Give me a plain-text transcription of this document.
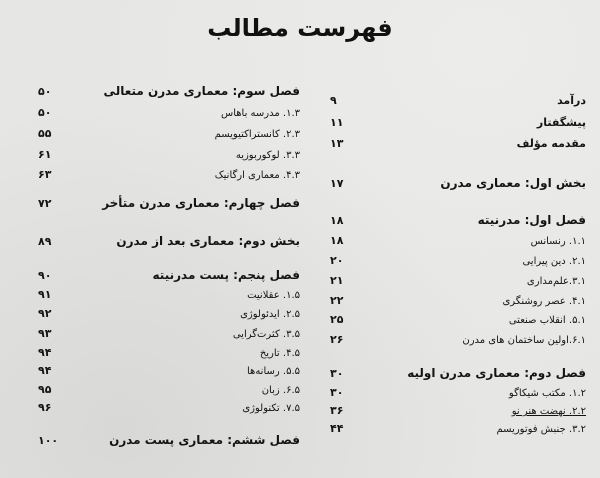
فهرست مطالب
درآمد
۹
پیشگفتار
۱۱
مقدمه مؤلف
۱۳
بخش اول: معماری مدرن
۱۷
فصل اول: مدرنیته
۱۸
۱.۱. رنسانس
۱۸
۲.۱. دین پیرایی
۲۰
۳.۱.علم‌مداری
۲۱
۴.۱. عصر روشنگری
۲۲
۵.۱. انقلاب صنعتی
۲۵
۶.۱.اولین ساختمان های مدرن
۲۶
فصل دوم: معماری مدرن اولیه
۳۰
۱.۲. مکتب شیکاگو
۳۰
۲.۲. نهضت هنر نو
۳۶
۳.۲. جنبش فوتوریسم
۴۴
فصل سوم: معماری مدرن متعالی
۵۰
۱.۳. مدرسه باهاس
۵۰
۲.۳. کانستراکتیویسم
۵۵
۳.۳. لوکوربوزیه
۶۱
۴.۳. معماری ارگانیک
۶۳
فصل چهارم: معماری مدرن متأخر
۷۲
بخش دوم: معماری بعد از مدرن
۸۹
فصل پنجم: پست مدرنیته
۹۰
۱.۵. عقلانیت
۹۱
۲.۵. ایدئولوژی
۹۲
۳.۵. کثرت‌گرایی
۹۳
۴.۵. تاریخ
۹۴
۵.۵. رسانه‌ها
۹۴
۶.۵. زبان
۹۵
۷.۵. تکنولوژی
۹۶
فصل ششم: معماری پست مدرن
۱۰۰
